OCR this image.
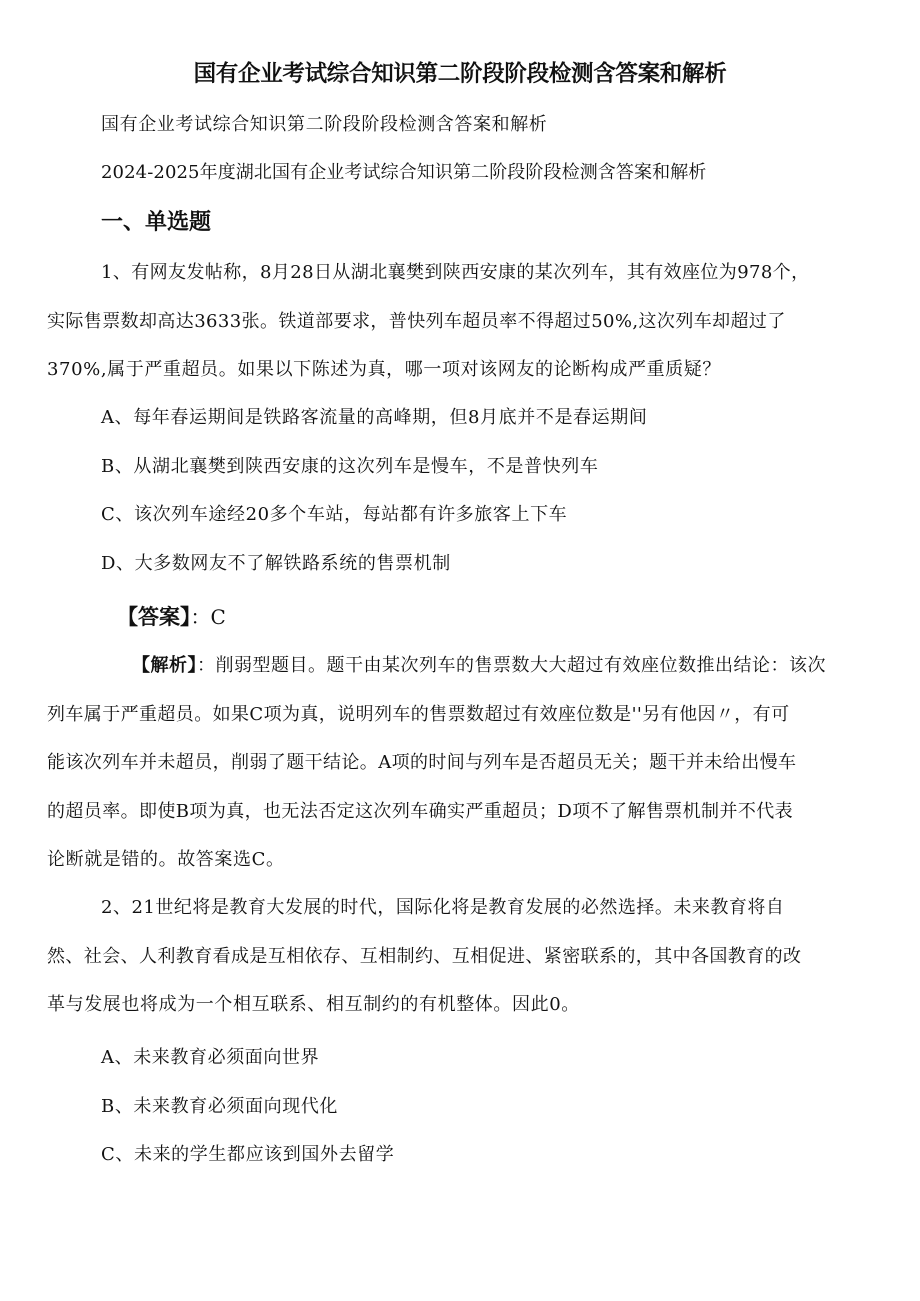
国有企业考试综合知识第二阶段阶段检测含答案和解析

国有企业考试综合知识第二阶段阶段检测含答案和解析

2024-2025年度湖北国有企业考试综合知识第二阶段阶段检测含答案和解析

一、单选题

1、有网友发帖称，8月28日从湖北襄樊到陕西安康的某次列车，其有效座位为978个，

实际售票数却高达3633张。铁道部要求，普快列车超员率不得超过50%,这次列车却超过了

370%,属于严重超员。如果以下陈述为真，哪一项对该网友的论断构成严重质疑？

A、每年春运期间是铁路客流量的高峰期，但8月底并不是春运期间

B、从湖北襄樊到陕西安康的这次列车是慢车，不是普快列车

C、该次列车途经20多个车站，每站都有许多旅客上下车

D、大多数网友不了解铁路系统的售票机制

【答案】：C

【解析】：削弱型题目。题干由某次列车的售票数大大超过有效座位数推出结论：该次

列车属于严重超员。如果C项为真，说明列车的售票数超过有效座位数是''另有他因〃，有可

能该次列车并未超员，削弱了题干结论。A项的时间与列车是否超员无关；题干并未给出慢车

的超员率。即使B项为真，也无法否定这次列车确实严重超员；D项不了解售票机制并不代表

论断就是错的。故答案选C。

2、21世纪将是教育大发展的时代，国际化将是教育发展的必然选择。未来教育将自

然、社会、人利教育看成是互相依存、互相制约、互相促进、紧密联系的，其中各国教育的改

革与发展也将成为一个相互联系、相互制约的有机整体。因此0。

A、未来教育必须面向世界

B、未来教育必须面向现代化

C、未来的学生都应该到国外去留学
